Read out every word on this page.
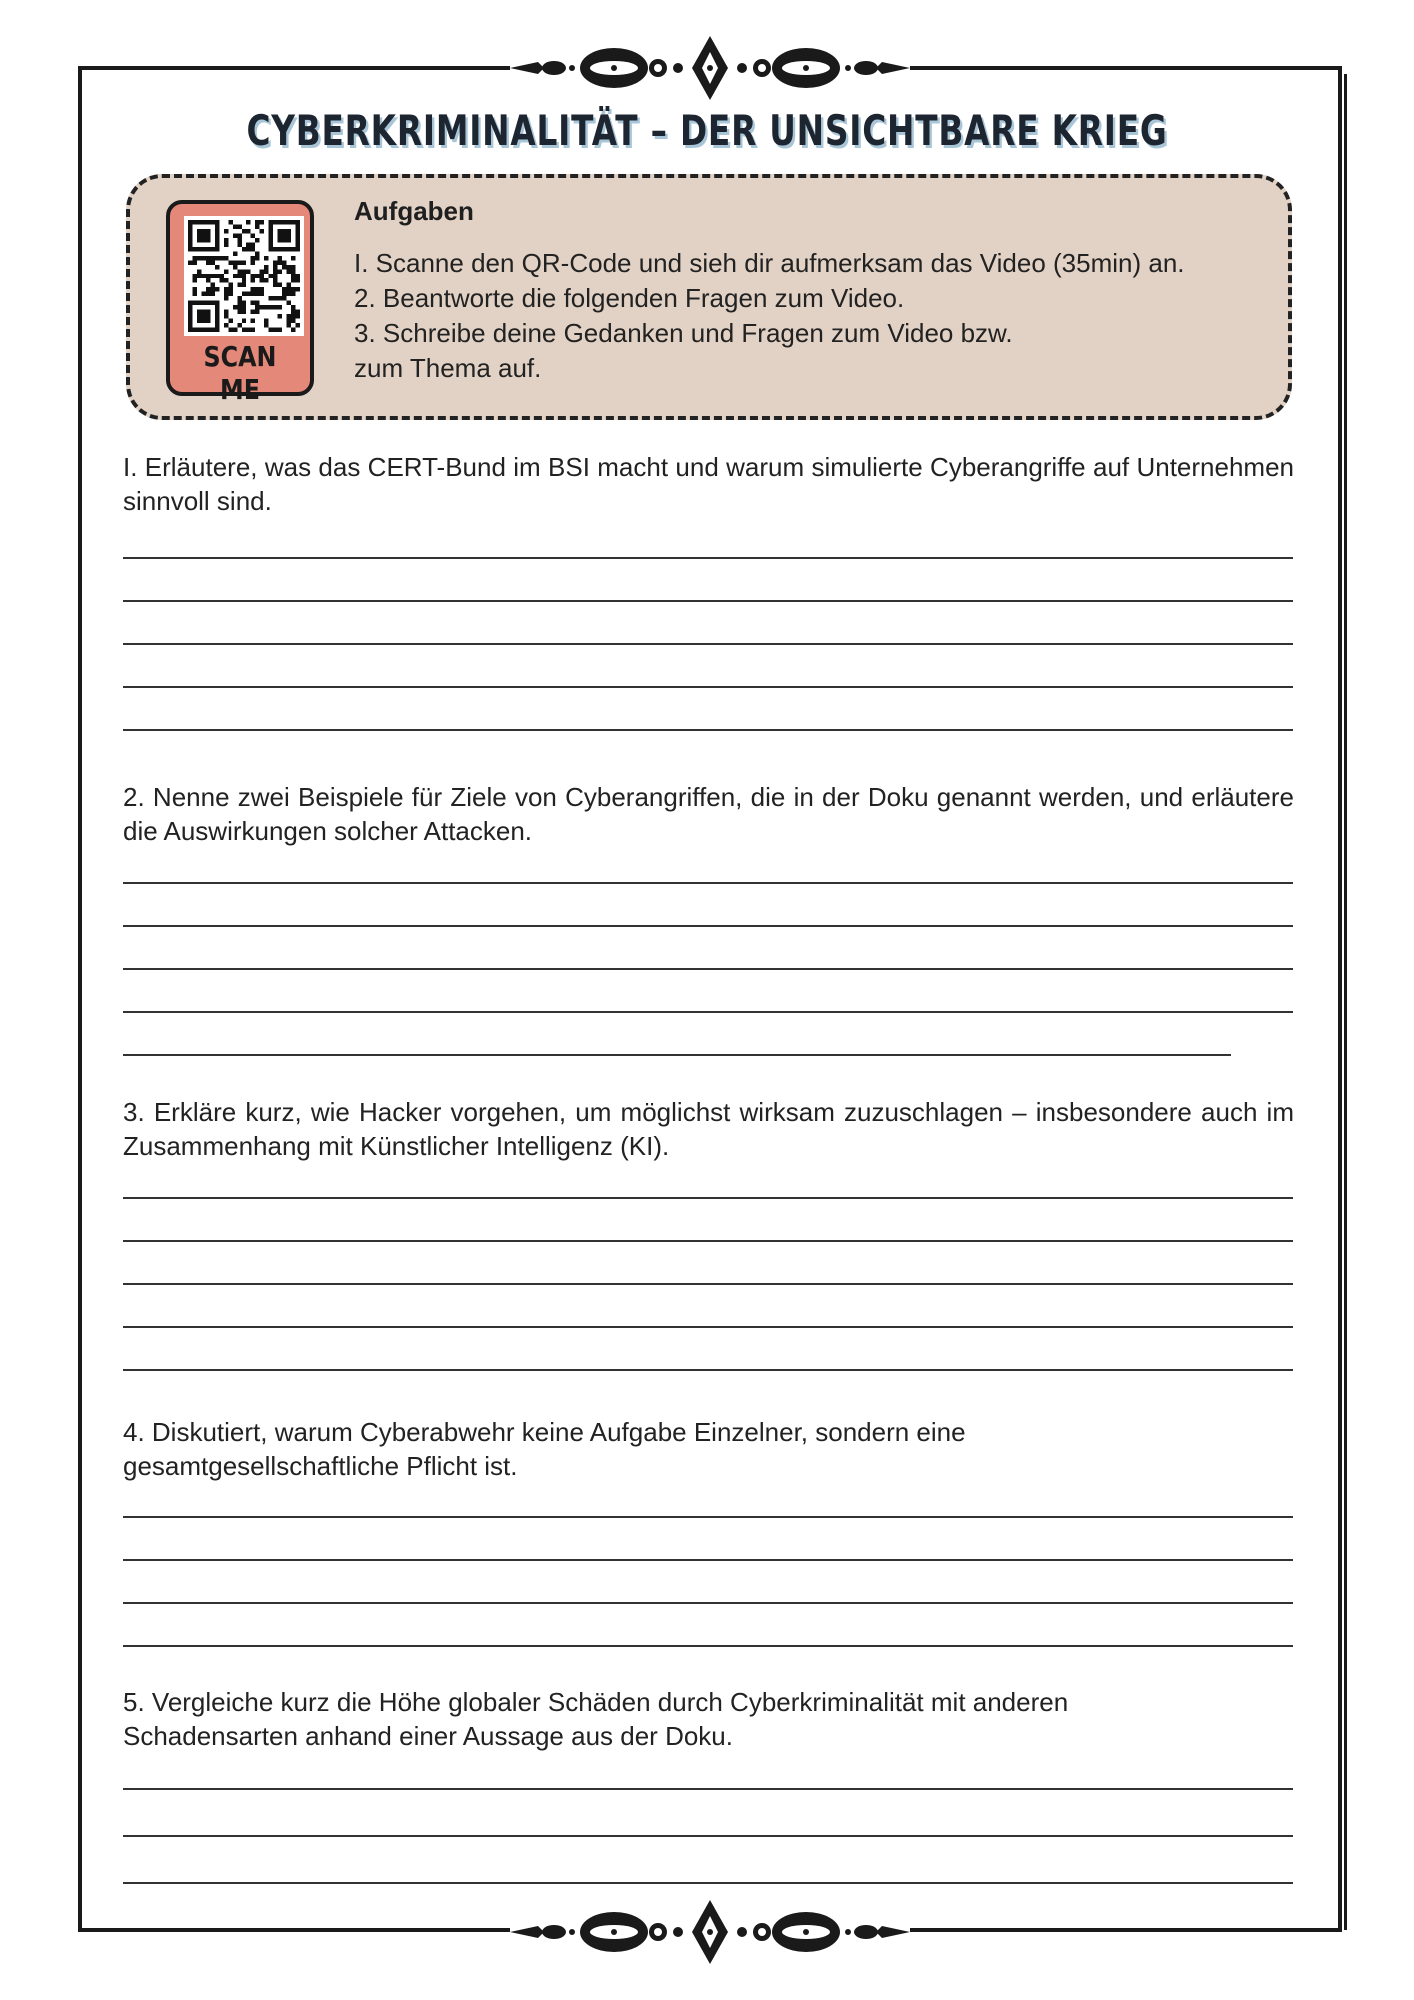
CYBERKRIMINALITÄT – DER UNSICHTBARE KRIEG
SCAN ME
Aufgaben
I. Scanne den QR-Code und sieh dir aufmerksam das Video (35min) an.
2. Beantworte die folgenden Fragen zum Video.
3. Schreibe deine Gedanken und Fragen zum Video bzw.
zum Thema auf.
I. Erläutere, was das CERT-Bund im BSI macht und warum simulierte Cyberangriffe auf Unternehmen sinnvoll sind.
2. Nenne zwei Beispiele für Ziele von Cyberangriffen, die in der Doku genannt werden, und erläutere die Auswirkungen solcher Attacken.
3. Erkläre kurz, wie Hacker vorgehen, um möglichst wirksam zuzuschlagen – insbesondere auch im Zusammenhang mit Künstlicher Intelligenz (KI).
4. Diskutiert, warum Cyberabwehr keine Aufgabe Einzelner, sondern eine gesamtgesellschaftliche Pflicht ist.
5. Vergleiche kurz die Höhe globaler Schäden durch Cyberkriminalität mit anderen Schadensarten anhand einer Aussage aus der Doku.
